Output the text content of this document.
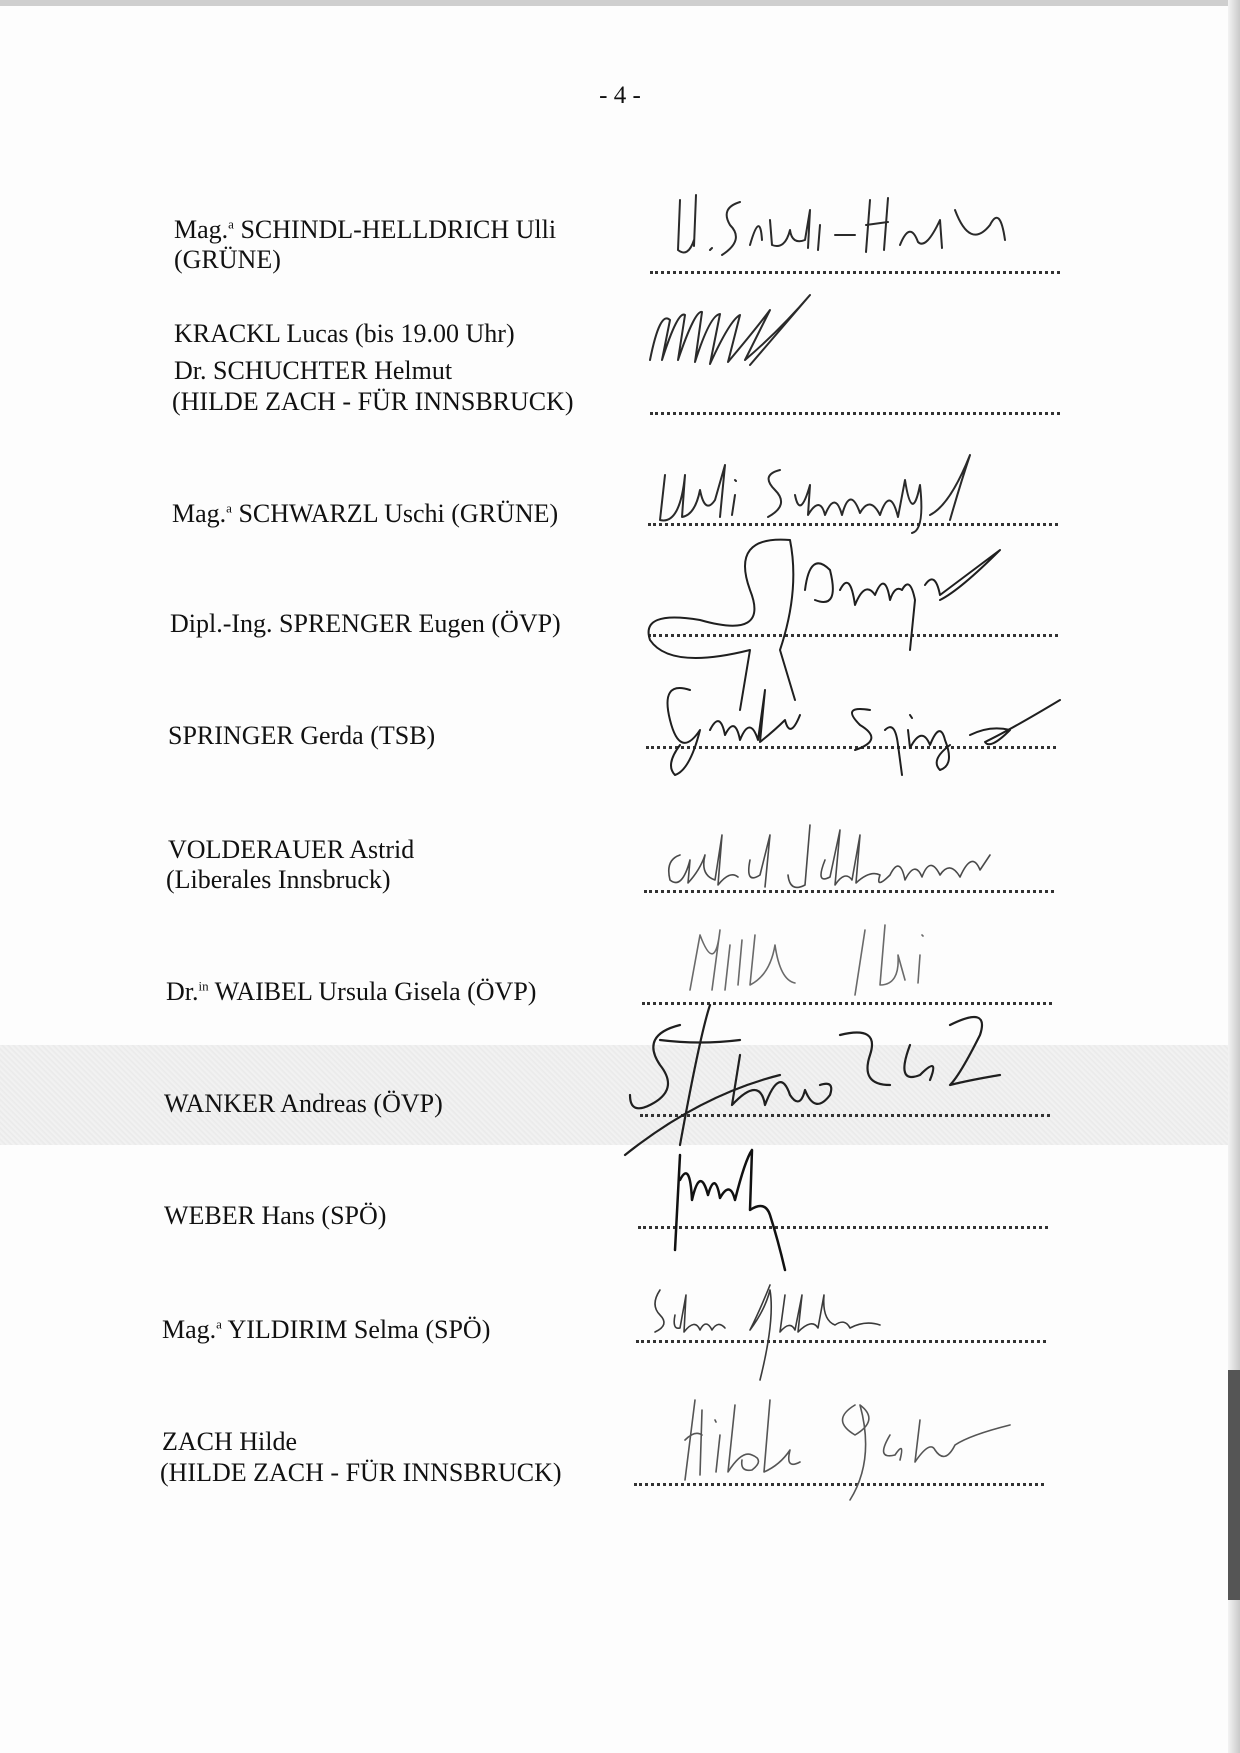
- 4 -
Mag.$^a$ SCHINDL-HELLDRICH Ulli
(GRÜNE)
KRACKL Lucas (bis 19.00 Uhr)
Dr. SCHUCHTER Helmut
(HILDE ZACH - FÜR INNSBRUCK)
Mag.$^a$ SCHWARZL Uschi (GRÜNE)
Dipl.-Ing. SPRENGER Eugen (ÖVP)
SPRINGER Gerda (TSB)
VOLDERAUER Astrid
(Liberales Innsbruck)
Dr.$^{in}$ WAIBEL Ursula Gisela (ÖVP)
WANKER Andreas (ÖVP)
WEBER Hans (SPÖ)
Mag.$^a$ YILDIRIM Selma (SPÖ)
ZACH Hilde
(HILDE ZACH - FÜR INNSBRUCK)
